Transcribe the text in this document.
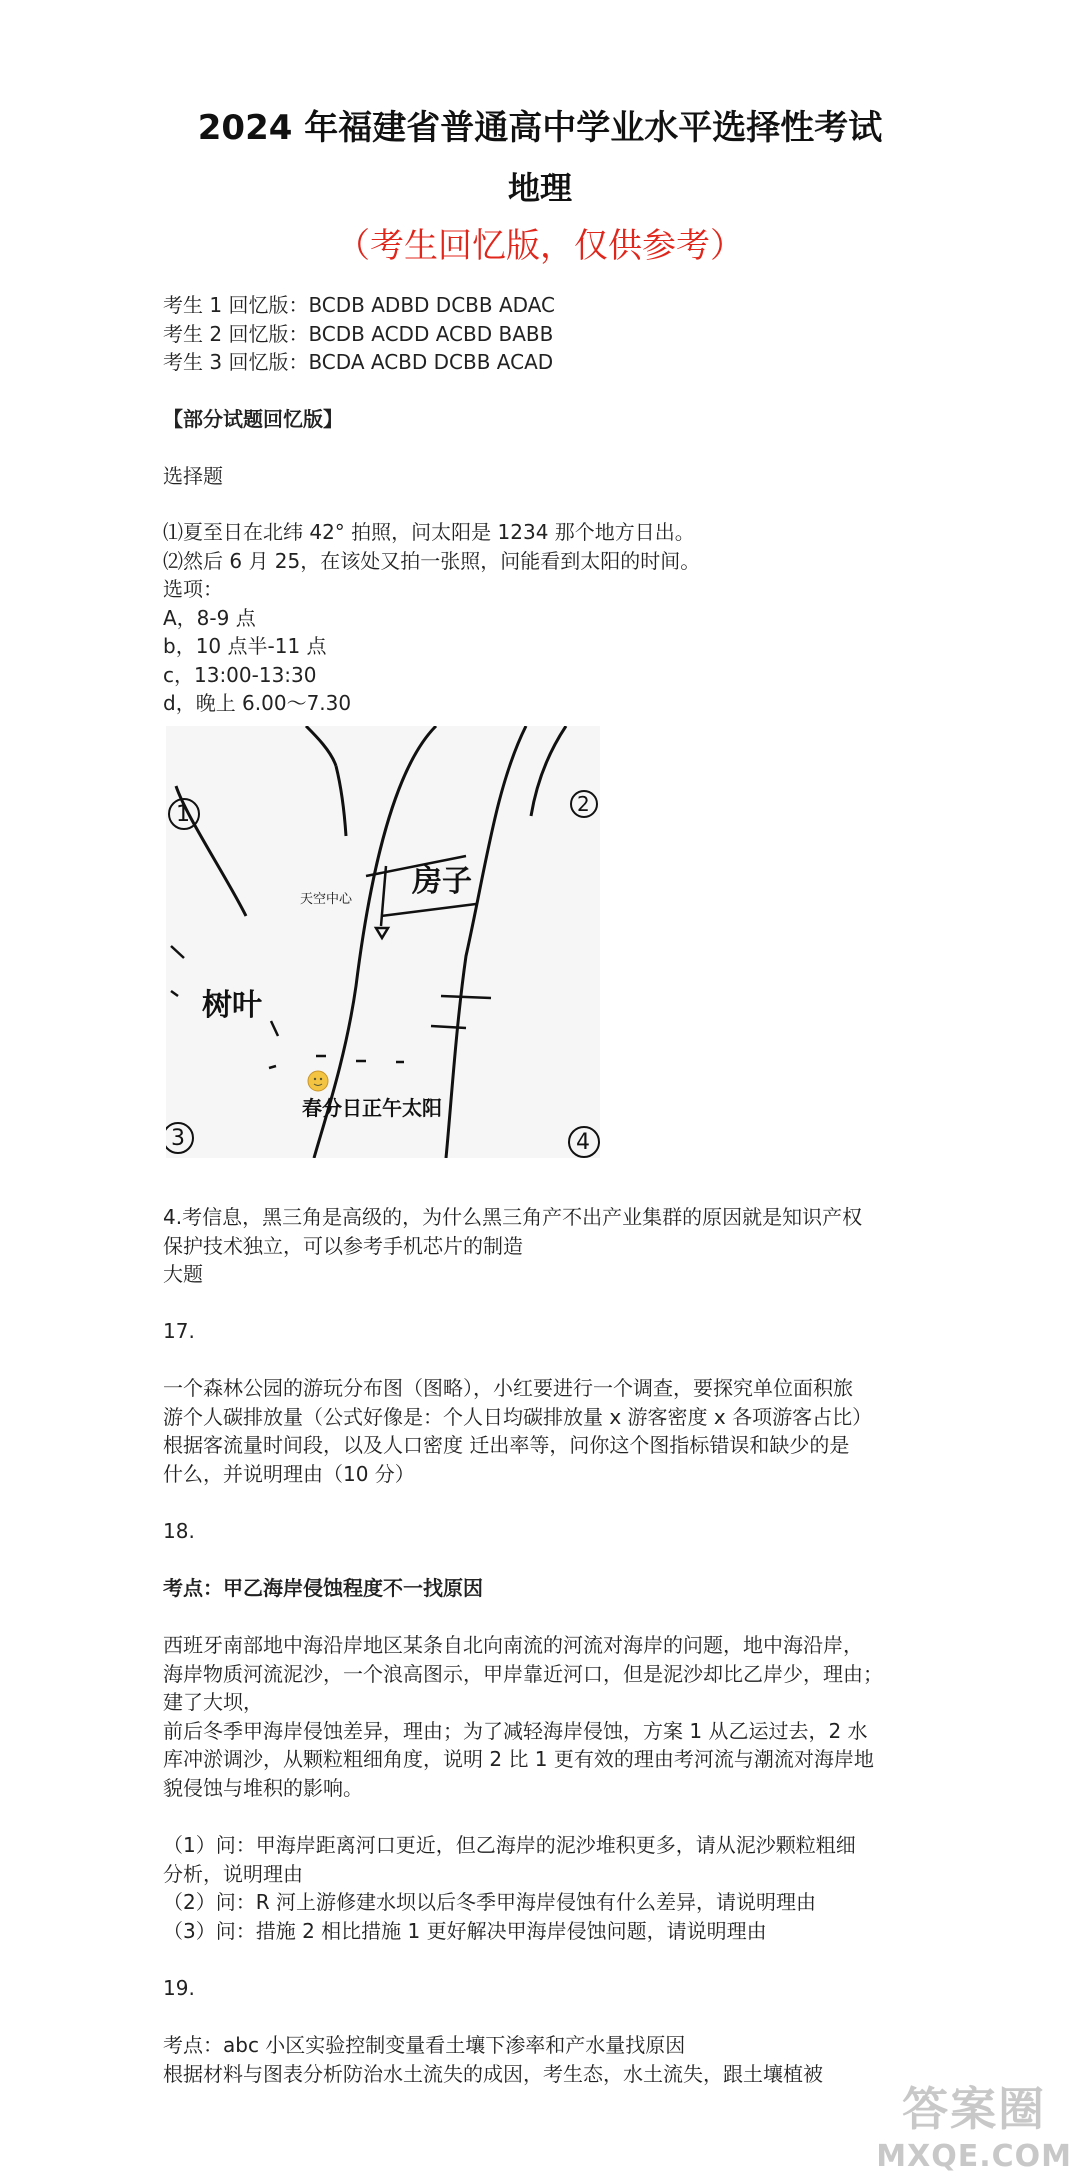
2024 年福建省普通高中学业水平选择性考试
地理
（考生回忆版，仅供参考）
考生 1 回忆版：BCDB ADBD DCBB ADAC
考生 2 回忆版：BCDB ACDD ACBD BABB
考生 3 回忆版：BCDA ACBD DCBB ACAD
【部分试题回忆版】
选择题
⑴夏至日在北纬 42° 拍照，问太阳是 1234 那个地方日出。
⑵然后 6 月 25，在该处又拍一张照，问能看到太阳的时间。
选项：
A，8-9 点
b，10 点半-11 点
c，13:00-13:30
d，晚上 6.00～7.30
1	2
3	4
房子
天空中心
树叶
春分日正午太阳
4.考信息，黑三角是高级的，为什么黑三角产不出产业集群的原因就是知识产权
保护技术独立，可以参考手机芯片的制造
大题
17.
一个森林公园的游玩分布图（图略），小红要进行一个调查，要探究单位面积旅
游个人碳排放量（公式好像是：个人日均碳排放量 x 游客密度 x 各项游客占比）
根据客流量时间段，以及人口密度 迁出率等，问你这个图指标错误和缺少的是
什么，并说明理由（10 分）
18.
考点：甲乙海岸侵蚀程度不一找原因
西班牙南部地中海沿岸地区某条自北向南流的河流对海岸的问题，地中海沿岸，
海岸物质河流泥沙，一个浪高图示，甲岸靠近河口，但是泥沙却比乙岸少，理由；
建了大坝，
前后冬季甲海岸侵蚀差异，理由；为了减轻海岸侵蚀，方案 1 从乙运过去，2 水
库冲淤调沙，从颗粒粗细角度，说明 2 比 1 更有效的理由考河流与潮流对海岸地
貌侵蚀与堆积的影响。
（1）问：甲海岸距离河口更近，但乙海岸的泥沙堆积更多，请从泥沙颗粒粗细
分析，说明理由
（2）问：R 河上游修建水坝以后冬季甲海岸侵蚀有什么差异，请说明理由
（3）问：措施 2 相比措施 1 更好解决甲海岸侵蚀问题，请说明理由
19.
考点：abc 小区实验控制变量看土壤下渗率和产水量找原因
根据材料与图表分析防治水土流失的成因，考生态，水土流失，跟土壤植被
答案圈
MXQE.COM
